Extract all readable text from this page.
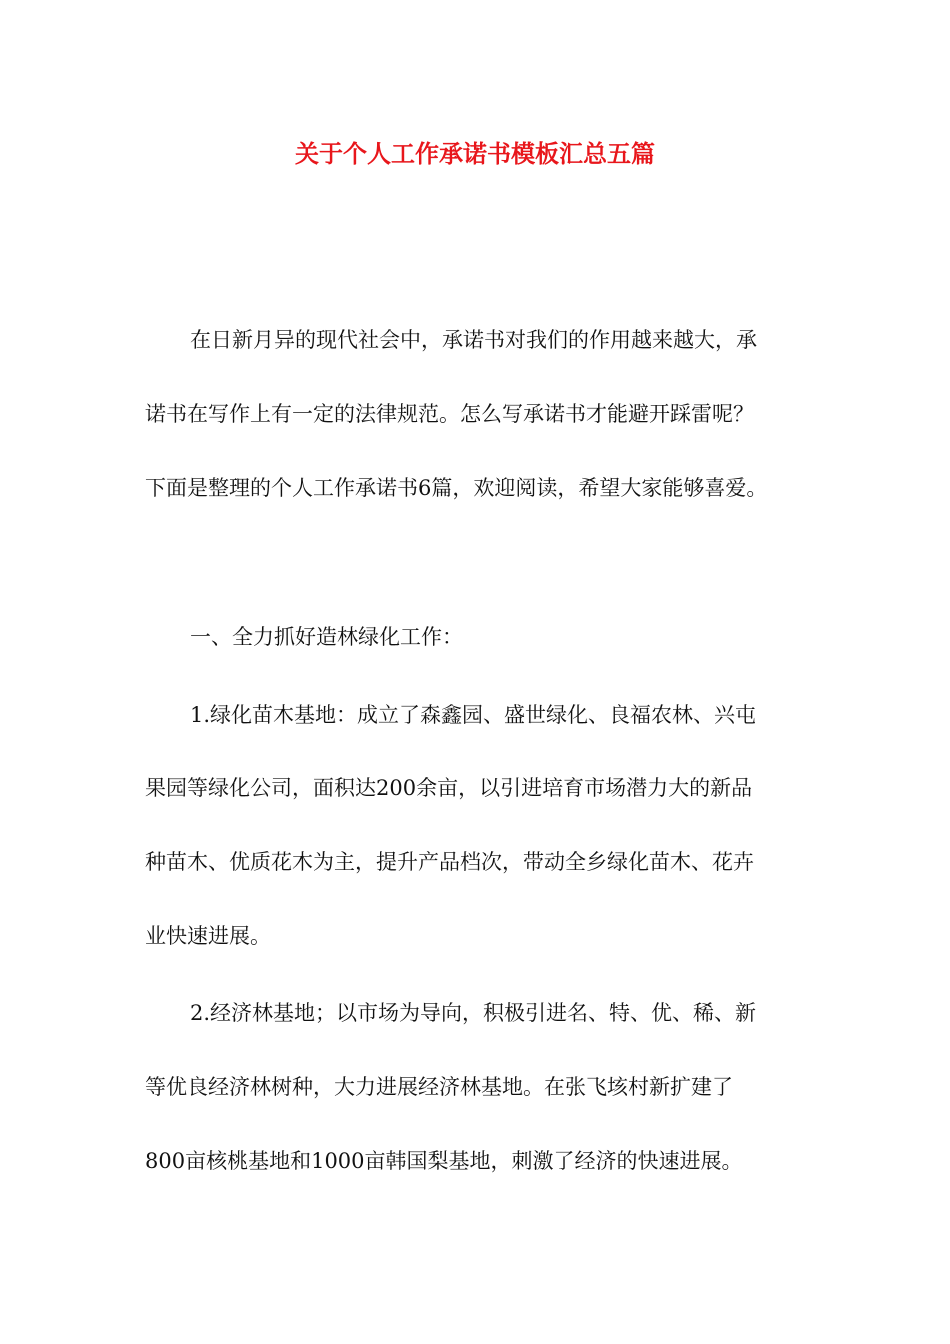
关于个人工作承诺书模板汇总五篇
在日新月异的现代社会中，承诺书对我们的作用越来越大，承
诺书在写作上有一定的法律规范。怎么写承诺书才能避开踩雷呢？
下面是整理的个人工作承诺书6篇，欢迎阅读，希望大家能够喜爱。
一、全力抓好造林绿化工作：
1.绿化苗木基地：成立了森鑫园、盛世绿化、良福农林、兴屯
果园等绿化公司，面积达200余亩，以引进培育市场潜力大的新品
种苗木、优质花木为主，提升产品档次，带动全乡绿化苗木、花卉
业快速进展。
2.经济林基地；以市场为导向，积极引进名、特、优、稀、新
等优良经济林树种，大力进展经济林基地。在张飞垓村新扩建了
800亩核桃基地和1000亩韩国梨基地，刺激了经济的快速进展。
